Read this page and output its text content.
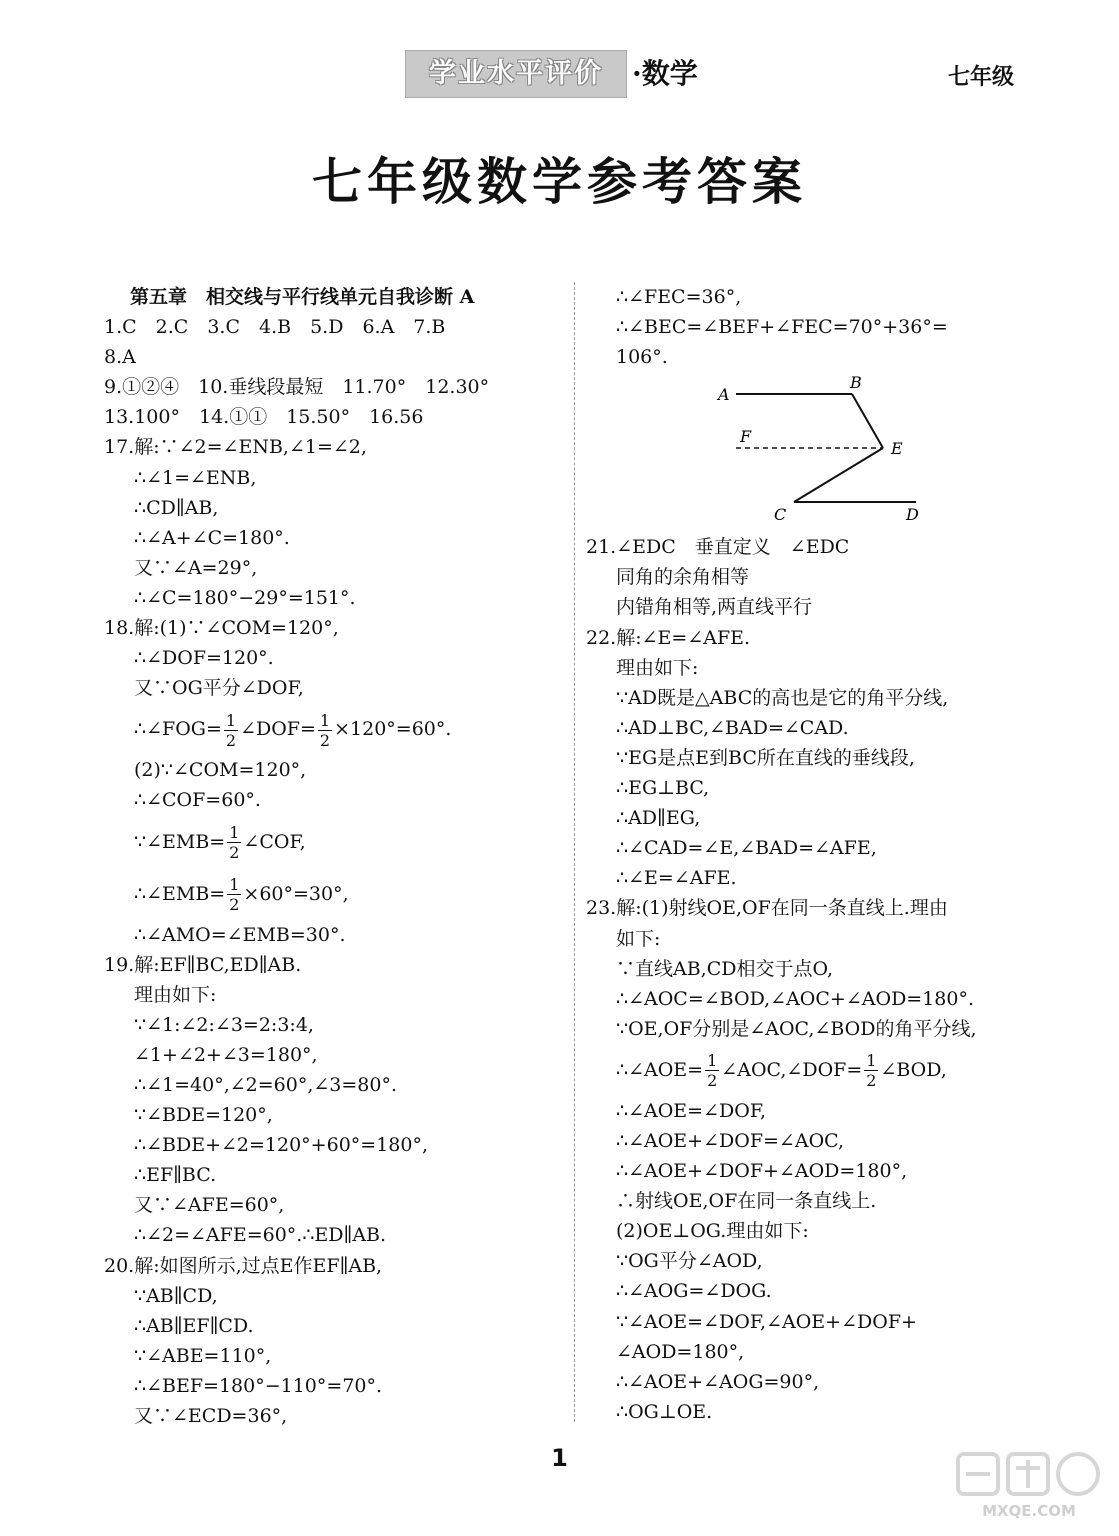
学业水平评价	·数学	七年级
七年级数学参考答案
第五章　相交线与平行线单元自我诊断 A
1.C　2.C　3.C　4.B　5.D　6.A　7.B
8.A
9.①②④　10.垂线段最短　11.70°　12.30°
13.100°　14.①①　15.50°　16.56
17.解:∵∠2=∠ENB,∠1=∠2,
∴∠1=∠ENB,
∴CD∥AB,
∴∠A+∠C=180°.
又∵∠A=29°,
∴∠C=180°−29°=151°.
18.解:(1)∵∠COM=120°,
∴∠DOF=120°.
又∵OG平分∠DOF,
∴∠FOG= $\frac{1}{2}$ ∠DOF= $\frac{1}{2} \times 120^\circ=60^\circ$.
(2)∵∠COM=120°,
∴∠COF=60°.
∵∠EMB= $\frac{1}{2}$ ∠COF,
∴∠EMB= $\frac{1}{2} \times 60^\circ=30^\circ$,
∴∠AMO=∠EMB=30°.
19.解:EF∥BC,ED∥AB.
理由如下:
∵∠1:∠2:∠3=2:3:4,
∠1+∠2+∠3=180°,
∴∠1=40°,∠2=60°,∠3=80°.
∵∠BDE=120°,
∴∠BDE+∠2=120°+60°=180°,
∴EF∥BC.
又∵∠AFE=60°,
∴∠2=∠AFE=60°.∴ED∥AB.
20.解:如图所示,过点E作EF∥AB,
∵AB∥CD,
∴AB∥EF∥CD.
∵∠ABE=110°,
∴∠BEF=180°−110°=70°.
又∵∠ECD=36°,
∴∠FEC=36°,
∴∠BEC=∠BEF+∠FEC=70°+36°=
106°.
A
B
F
E
C	D
21.∠EDC　垂直定义　∠EDC
同角的余角相等
内错角相等,两直线平行
22.解:∠E=∠AFE.
理由如下:
∵AD既是△ABC的高也是它的角平分线,
∴AD⊥BC,∠BAD=∠CAD.
∵EG是点E到BC所在直线的垂线段,
∴EG⊥BC,
∴AD∥EG,
∴∠CAD=∠E,∠BAD=∠AFE,
∴∠E=∠AFE.
23.解:(1)射线OE,OF在同一条直线上.理由
如下:
∵直线AB,CD相交于点O,
∴∠AOC=∠BOD,∠AOC+∠AOD=180°.
∵OE,OF分别是∠AOC,∠BOD的角平分线,
∴∠AOE= $\frac{1}{2}$ ∠AOC,∠DOF= $\frac{1}{2}$ ∠BOD,
∴∠AOE=∠DOF,
∴∠AOE+∠DOF=∠AOC,
∴∠AOE+∠DOF+∠AOD=180°,
∴射线OE,OF在同一条直线上.
(2)OE⊥OG.理由如下:
∵OG平分∠AOD,
∴∠AOG=∠DOG.
∵∠AOE=∠DOF,∠AOE+∠DOF+
∠AOD=180°,
∴∠AOE+∠AOG=90°,
∴OG⊥OE.
1
MXQE.COM
